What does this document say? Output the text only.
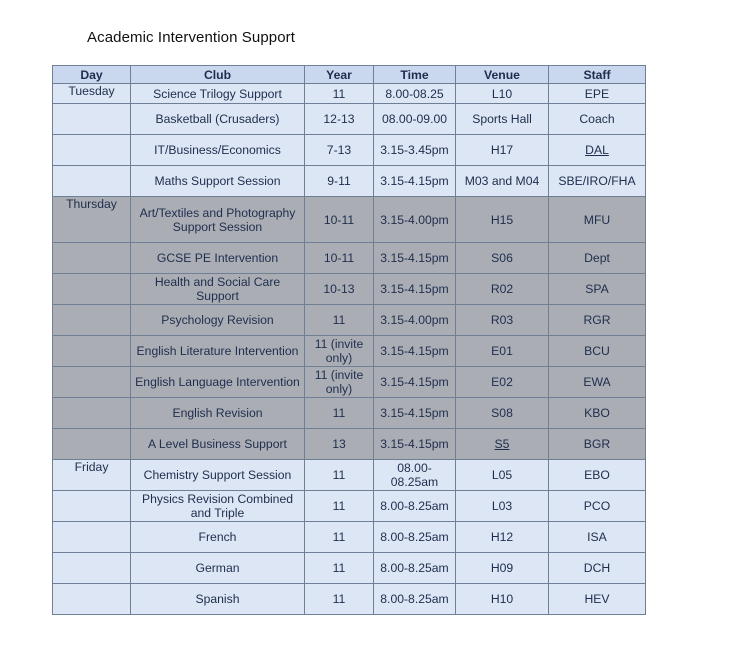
Academic Intervention Support
Day	Club	Year	Time	Venue	Staff
Tuesday	Science Trilogy Support	11	8.00-08.25	L10	EPE
	Basketball (Crusaders)	12-13	08.00-09.00	Sports Hall	Coach
	IT/Business/Economics	7-13	3.15-3.45pm	H17	DAL
	Maths Support Session	9-11	3.15-4.15pm	M03 and M04	SBE/IRO/FHA
Thursday	Art/Textiles and Photography Support Session	10-11	3.15-4.00pm	H15	MFU
	GCSE PE Intervention	10-11	3.15-4.15pm	S06	Dept
	Health and Social Care Support	10-13	3.15-4.15pm	R02	SPA
	Psychology Revision	11	3.15-4.00pm	R03	RGR
	English Literature Intervention	11 (invite only)	3.15-4.15pm	E01	BCU
	English Language Intervention	11 (invite only)	3.15-4.15pm	E02	EWA
	English Revision	11	3.15-4.15pm	S08	KBO
	A Level Business Support	13	3.15-4.15pm	S5	BGR
Friday	Chemistry Support Session	11	08.00-08.25am	L05	EBO
	Physics Revision Combined and Triple	11	8.00-8.25am	L03	PCO
	French	11	8.00-8.25am	H12	ISA
	German	11	8.00-8.25am	H09	DCH
	Spanish	11	8.00-8.25am	H10	HEV
